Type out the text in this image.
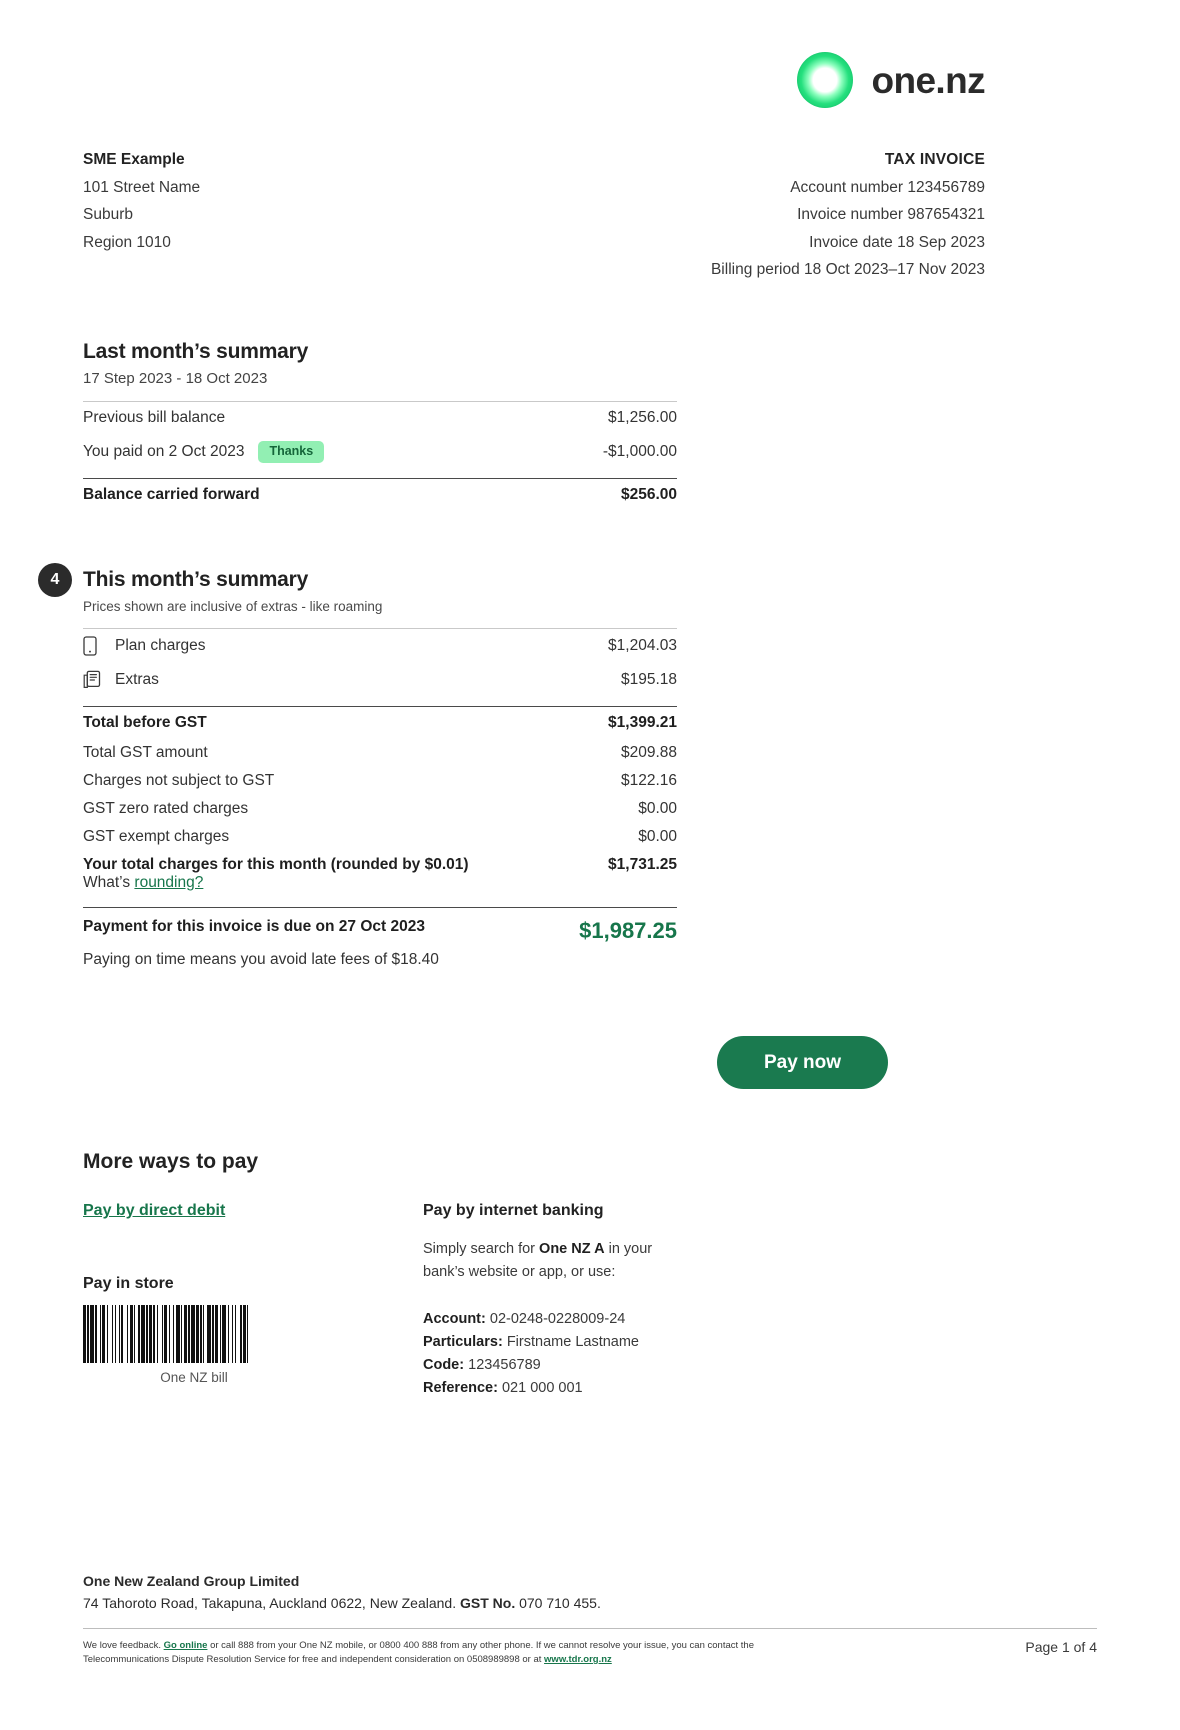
one.nz
SME Example
101 Street Name
Suburb
Region 1010
TAX INVOICE
Account number 123456789
Invoice number 987654321
Invoice date 18 Sep 2023
Billing period 18 Oct 2023–17 Nov 2023
Last month’s summary
17 Step 2023 - 18 Oct 2023
Previous bill balance	$1,256.00
You paid on 2 Oct 2023	Thanks	-$1,000.00
Balance carried forward	$256.00
4 This month’s summary
Prices shown are inclusive of extras - like roaming
Plan charges	$1,204.03
Extras	$195.18
Total before GST	$1,399.21
Total GST amount	$209.88
Charges not subject to GST	$122.16
GST zero rated charges	$0.00
GST exempt charges	$0.00
Your total charges for this month (rounded by $0.01)	$1,731.25
What’s rounding?
Payment for this invoice is due on 27 Oct 2023	$1,987.25
Paying on time means you avoid late fees of $18.40
Pay now
More ways to pay
Pay by direct debit
Pay in store
One NZ bill
Pay by internet banking
Simply search for One NZ A in your
bank’s website or app, or use:
Account: 02-0248-0228009-24
Particulars: Firstname Lastname
Code: 123456789
Reference: 021 000 001
One New Zealand Group Limited
74 Tahoroto Road, Takapuna, Auckland 0622, New Zealand. GST No. 070 710 455.
We love feedback. Go online or call 888 from your One NZ mobile, or 0800 400 888 from any other phone. If we cannot resolve your issue, you can contact the
Telecommunications Dispute Resolution Service for free and independent consideration on 0508989898 or at www.tdr.org.nz
Page 1 of 4
